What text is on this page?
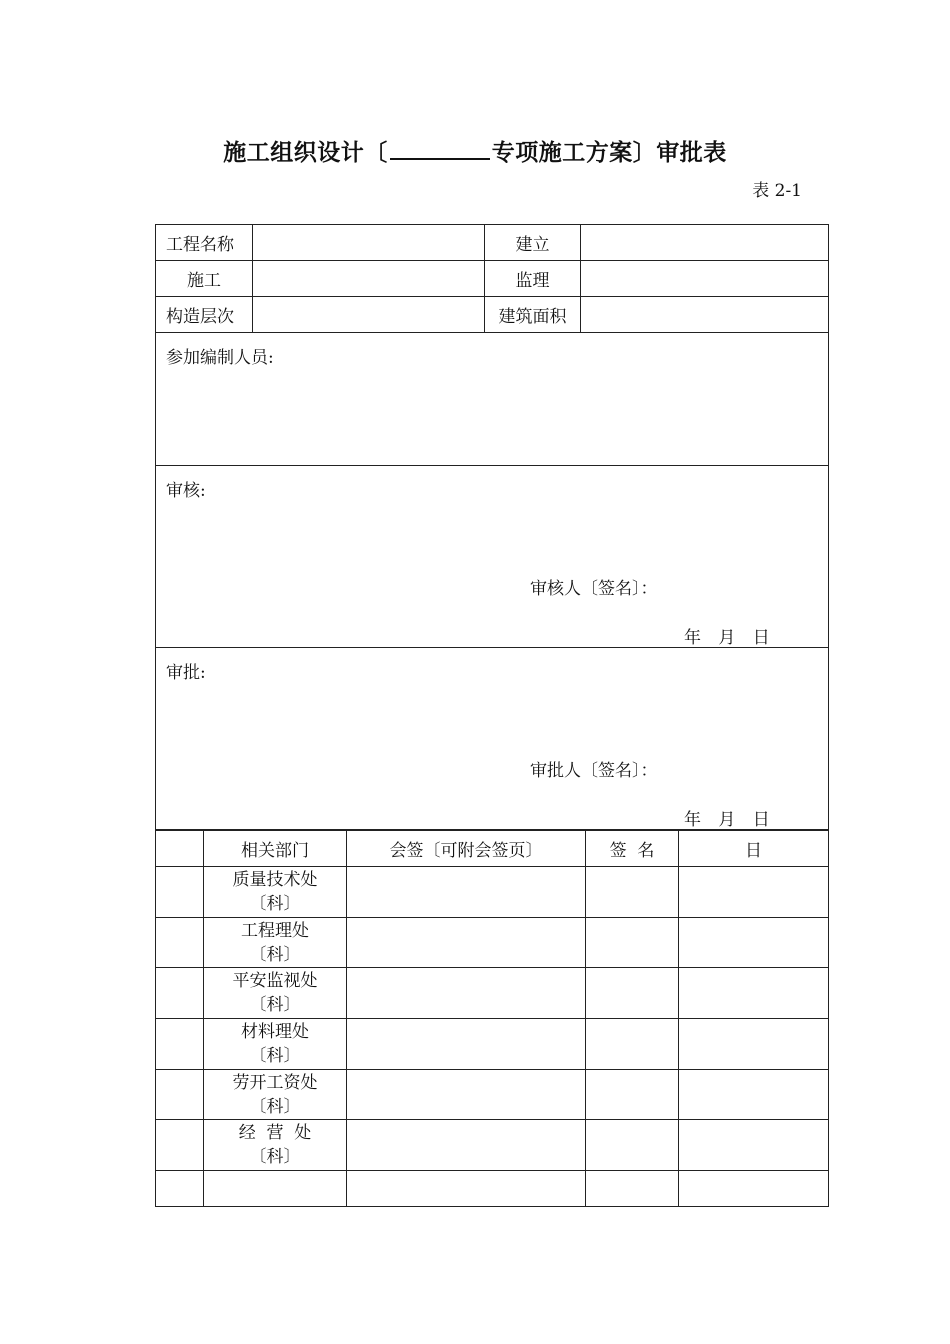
施工组织设计〔	专项施工方案〕审批表
表 2-1
工程名称		建立	
施工		监理	
构造层次		建筑面积	

参加编制人员:			

审核:
审核人〔签名〕：
年 月 日			

审批:
审批人〔签名〕：
年 月 日			
	相关部门	会签〔可附会签页〕	签  名	日
	质量技术处
〔科〕			
	工程理处
〔科〕			
	平安监视处
〔科〕			
	材料理处
〔科〕			
	劳开工资处
〔科〕			
	经  营  处
〔科〕			
